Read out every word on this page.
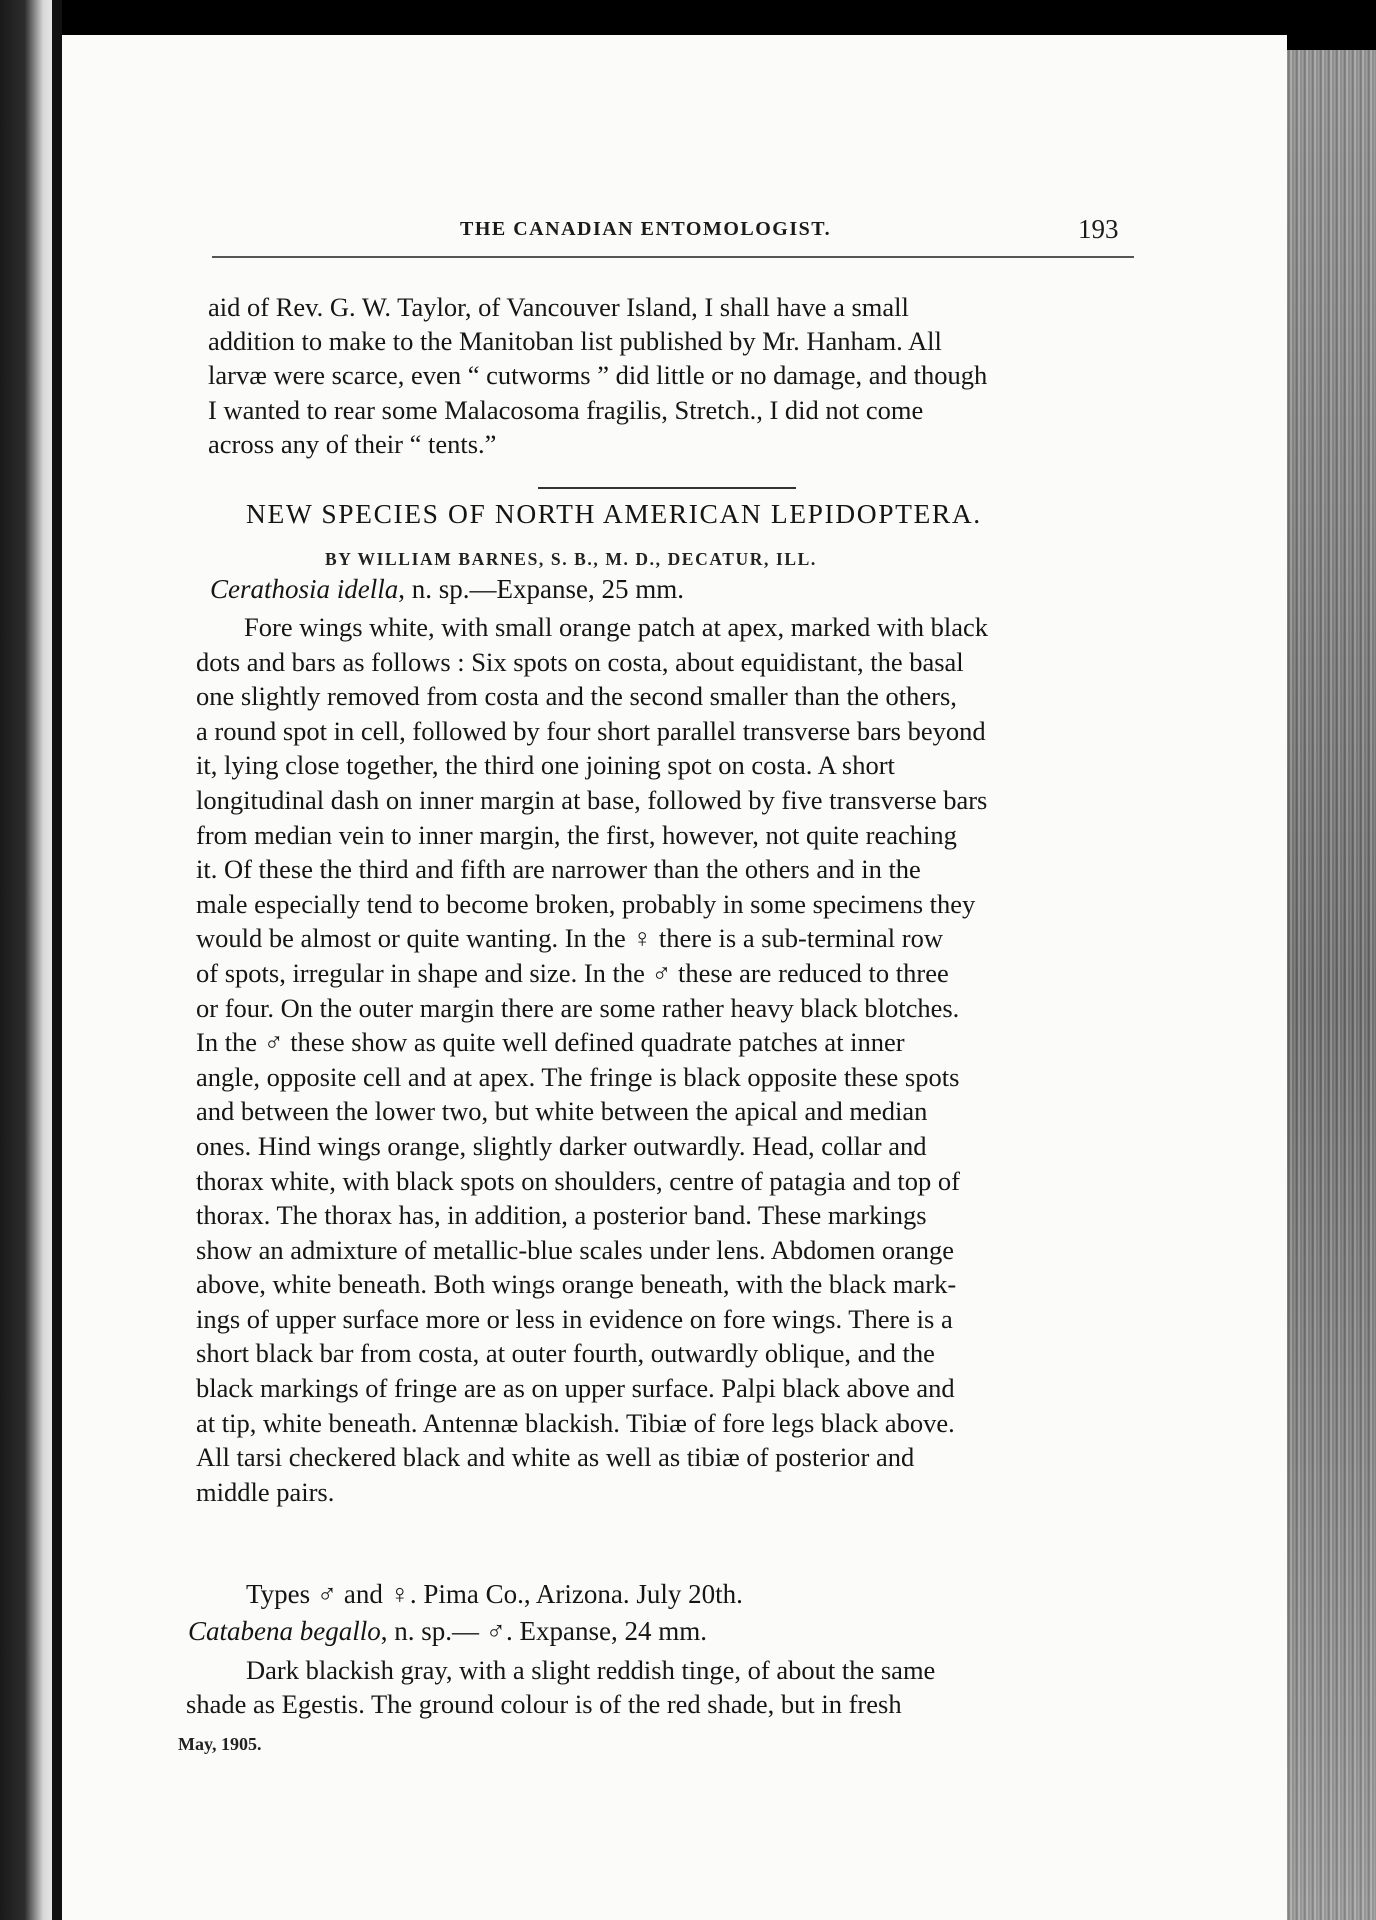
THE CANADIAN ENTOMOLOGIST.	193

aid of Rev. G. W. Taylor, of Vancouver Island, I shall have a small

addition to make to the Manitoban list published by Mr. Hanham. All

larvæ were scarce, even “ cutworms ” did little or no damage, and though

I wanted to rear some Malacosoma fragilis, Stretch., I did not come

across any of their “ tents.”

NEW SPECIES OF NORTH AMERICAN LEPIDOPTERA.
BY WILLIAM BARNES, S. B., M. D., DECATUR, ILL.
Cerathosia idella, n. sp.—Expanse, 25 mm.

Fore wings white, with small orange patch at apex, marked with black

dots and bars as follows : Six spots on costa, about equidistant, the basal

one slightly removed from costa and the second smaller than the others,

a round spot in cell, followed by four short parallel transverse bars beyond

it, lying close together, the third one joining spot on costa. A short

longitudinal dash on inner margin at base, followed by five transverse bars

from median vein to inner margin, the first, however, not quite reaching

it. Of these the third and fifth are narrower than the others and in the

male especially tend to become broken, probably in some specimens they

would be almost or quite wanting. In the ♀ there is a sub-terminal row

of spots, irregular in shape and size. In the ♂ these are reduced to three

or four. On the outer margin there are some rather heavy black blotches.

In the ♂ these show as quite well defined quadrate patches at inner

angle, opposite cell and at apex. The fringe is black opposite these spots

and between the lower two, but white between the apical and median

ones. Hind wings orange, slightly darker outwardly. Head, collar and

thorax white, with black spots on shoulders, centre of patagia and top of

thorax. The thorax has, in addition, a posterior band. These markings

show an admixture of metallic-blue scales under lens. Abdomen orange

above, white beneath. Both wings orange beneath, with the black mark-

ings of upper surface more or less in evidence on fore wings. There is a

short black bar from costa, at outer fourth, outwardly oblique, and the

black markings of fringe are as on upper surface. Palpi black above and

at tip, white beneath. Antennæ blackish. Tibiæ of fore legs black above.

All tarsi checkered black and white as well as tibiæ of posterior and

middle pairs.

Types ♂ and ♀. Pima Co., Arizona. July 20th.
Catabena begallo, n. sp.— ♂. Expanse, 24 mm.

Dark blackish gray, with a slight reddish tinge, of about the same

shade as Egestis. The ground colour is of the red shade, but in fresh

May, 1905.
